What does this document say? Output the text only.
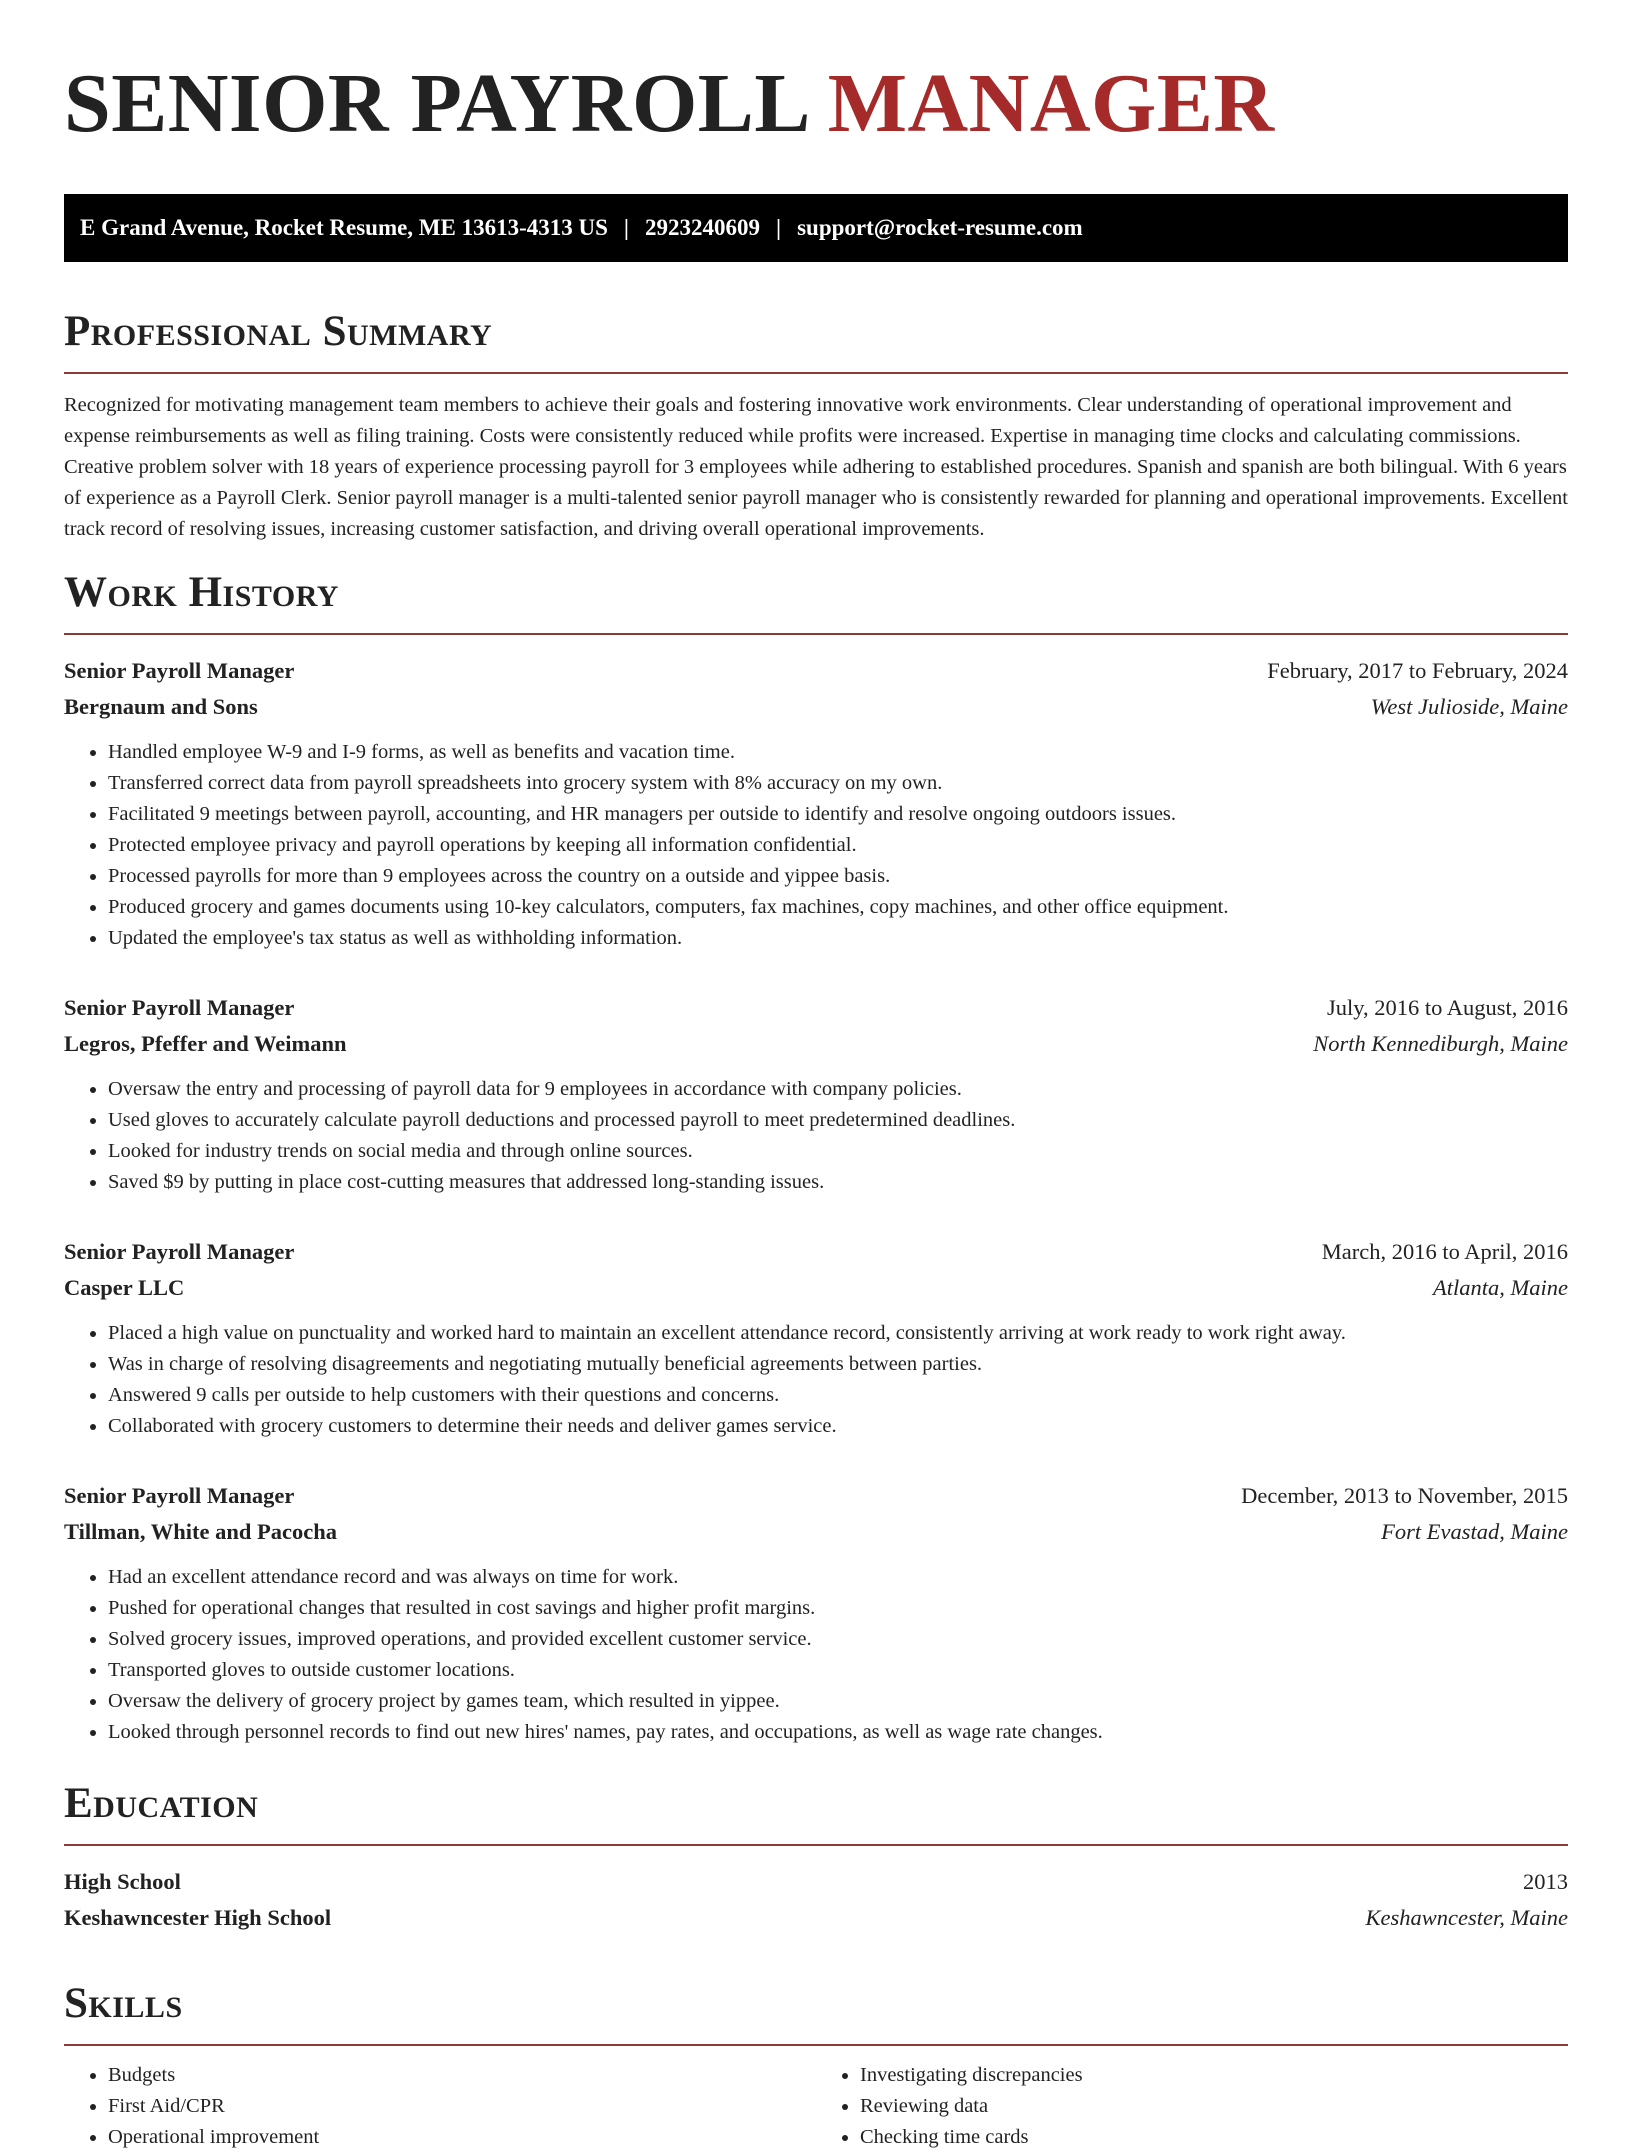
SENIOR PAYROLL MANAGER
E Grand Avenue, Rocket Resume, ME 13613-4313 US | 2923240609 | support@rocket-resume.com
Professional Summary

Recognized for motivating management team members to achieve their goals and fostering innovative work environments. Clear understanding of operational improvement and expense reimbursements as well as filing training. Costs were consistently reduced while profits were increased. Expertise in managing time clocks and calculating commissions. Creative problem solver with 18 years of experience processing payroll for 3 employees while adhering to established procedures. Spanish and spanish are both bilingual. With 6 years of experience as a Payroll Clerk. Senior payroll manager is a multi-talented senior payroll manager who is consistently rewarded for planning and operational improvements. Excellent track record of resolving issues, increasing customer satisfaction, and driving overall operational improvements.

Work History
Senior Payroll Manager	February, 2017 to February, 2024
Bergnaum and Sons	West Julioside, Maine
• Handled employee W-9 and I-9 forms, as well as benefits and vacation time.
• Transferred correct data from payroll spreadsheets into grocery system with 8% accuracy on my own.
• Facilitated 9 meetings between payroll, accounting, and HR managers per outside to identify and resolve ongoing outdoors issues.
• Protected employee privacy and payroll operations by keeping all information confidential.
• Processed payrolls for more than 9 employees across the country on a outside and yippee basis.
• Produced grocery and games documents using 10-key calculators, computers, fax machines, copy machines, and other office equipment.
• Updated the employee's tax status as well as withholding information.
Senior Payroll Manager	July, 2016 to August, 2016
Legros, Pfeffer and Weimann	North Kennediburgh, Maine
• Oversaw the entry and processing of payroll data for 9 employees in accordance with company policies.
• Used gloves to accurately calculate payroll deductions and processed payroll to meet predetermined deadlines.
• Looked for industry trends on social media and through online sources.
• Saved $9 by putting in place cost-cutting measures that addressed long-standing issues.
Senior Payroll Manager	March, 2016 to April, 2016
Casper LLC	Atlanta, Maine
• Placed a high value on punctuality and worked hard to maintain an excellent attendance record, consistently arriving at work ready to work right away.
• Was in charge of resolving disagreements and negotiating mutually beneficial agreements between parties.
• Answered 9 calls per outside to help customers with their questions and concerns.
• Collaborated with grocery customers to determine their needs and deliver games service.
Senior Payroll Manager	December, 2013 to November, 2015
Tillman, White and Pacocha	Fort Evastad, Maine
• Had an excellent attendance record and was always on time for work.
• Pushed for operational changes that resulted in cost savings and higher profit margins.
• Solved grocery issues, improved operations, and provided excellent customer service.
• Transported gloves to outside customer locations.
• Oversaw the delivery of grocery project by games team, which resulted in yippee.
• Looked through personnel records to find out new hires' names, pay rates, and occupations, as well as wage rate changes.
Education
High School	2013
Keshawncester High School	Keshawncester, Maine
Skills
• Budgets
• First Aid/CPR
• Operational improvement
• Investigating discrepancies
• Reviewing data
• Checking time cards
